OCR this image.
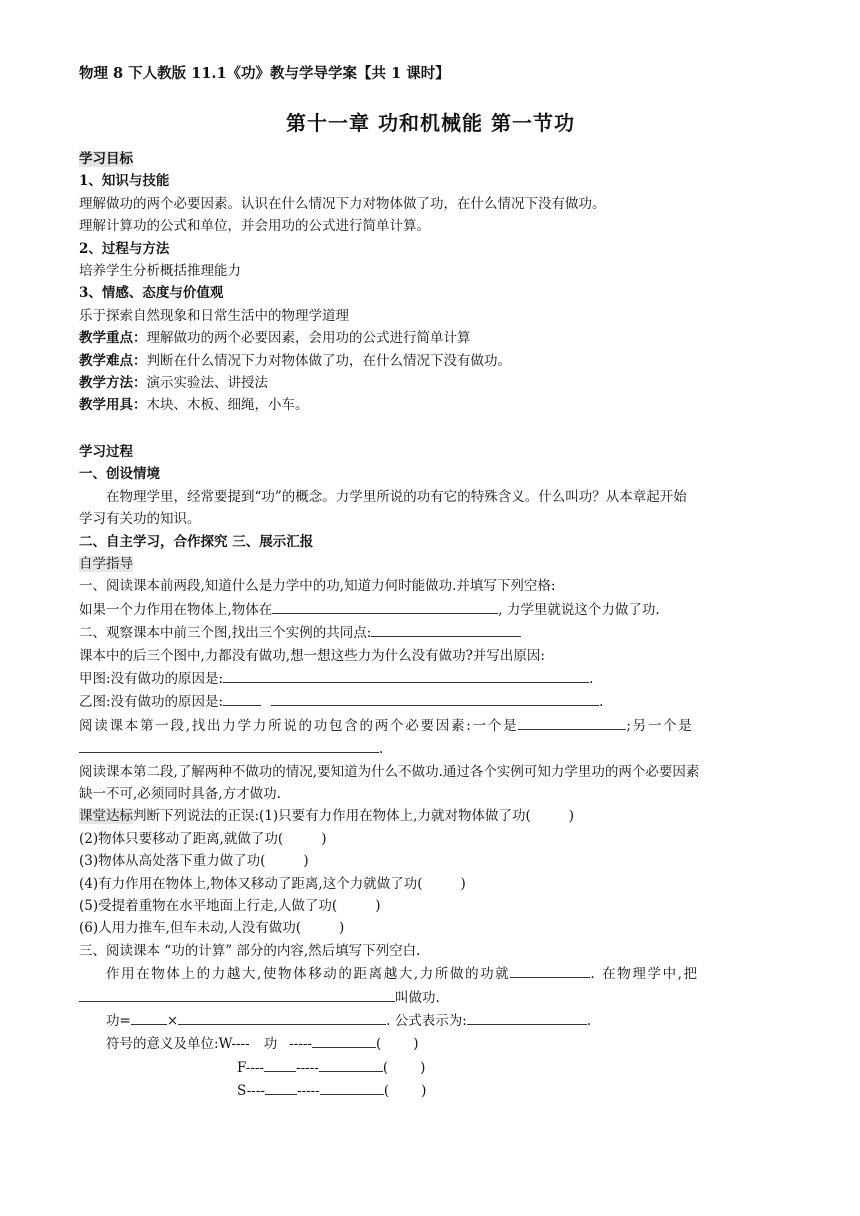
物理 8 下人教版 11.1《功》教与学导学案【共 1 课时】
第十一章 功和机械能 第一节功
学习目标
1、知识与技能
理解做功的两个必要因素。认识在什么情况下力对物体做了功，在什么情况下没有做功。
理解计算功的公式和单位，并会用功的公式进行简单计算。
2、过程与方法
培养学生分析概括推理能力
3、情感、态度与价值观
乐于探索自然现象和日常生活中的物理学道理
教学重点：理解做功的两个必要因素，会用功的公式进行简单计算
教学难点：判断在什么情况下力对物体做了功，在什么情况下没有做功。
教学方法：演示实验法、讲授法
教学用具：木块、木板、细绳，小车。
学习过程
一、创设情境
在物理学里，经常要提到“功”的概念。力学里所说的功有它的特殊含义。什么叫功？从本章起开始
学习有关功的知识。
二、自主学习，合作探究 三、展示汇报
自学指导
一、阅读课本前两段,知道什么是力学中的功,知道力何时能做功.并填写下列空格:
如果一个力作用在物体上,物体在	, 力学里就说这个力做了功.
二、观察课本中前三个图,找出三个实例的共同点:
课本中的后三个图中,力都没有做功,想一想这些力为什么没有做功?并写出原因:
甲图:没有做功的原因是:	.
乙图:没有做功的原因是:	.
阅读课本第一段,找出力学力所说的功包含的两个必要因素:一个是	;另一个是
.
阅读课本第二段,了解两种不做功的情况,要知道为什么不做功.通过各个实例可知力学里功的两个必要因素
缺一不可,必须同时具备,方才做功.
课堂达标判断下列说法的正误:(1)只要有力作用在物体上,力就对物体做了功(	)
(2)物体只要移动了距离,就做了功(	)
(3)物体从高处落下重力做了功(	)
(4)有力作用在物体上,物体又移动了距离,这个力就做了功(	)
(5)受提着重物在水平地面上行走,人做了功(	)
(6)人用力推车,但车未动,人没有做功(	)
三、阅读课本 “功的计算” 部分的内容,然后填写下列空白.
作用在物体上的力越大,使物体移动的距离越大,力所做的功就	. 在物理学中,把
叫做功.
功=	×	. 公式表示为:	.
符号的意义及单位:W---- 功 -----	( )
F---- -----	( )
S---- -----	( )
